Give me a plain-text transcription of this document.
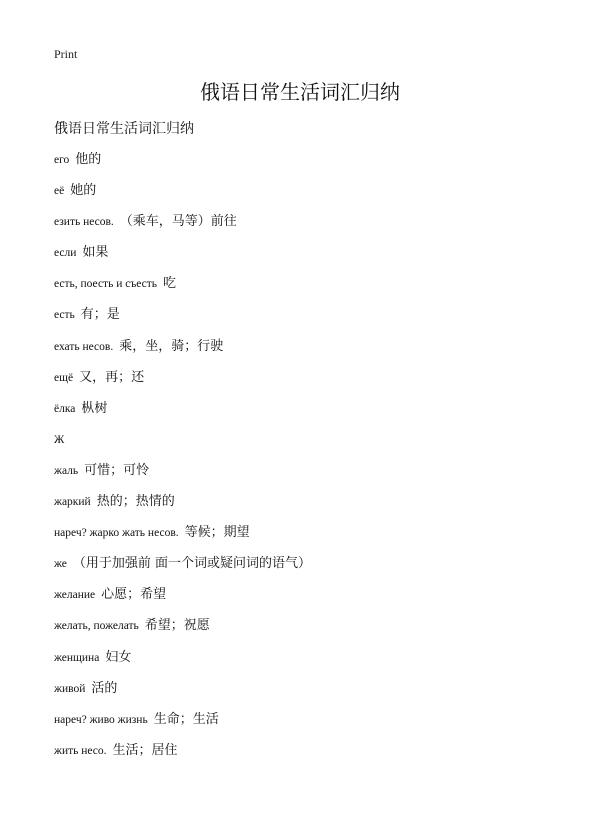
Print
俄语日常生活词汇归纳
俄语日常生活词汇归纳
его 他的
её 她的
езить несов. （乘车，马等）前往
если 如果
есть, поесть и съесть 吃
есть 有；是
ехать несов. 乘，坐，骑；行驶
ещё 又，再；还
ёлка 枞树
Ж
жаль 可惜；可怜
жаркий 热的；热情的
нареч? жарко жать несов. 等候；期望
же （用于加强前 面一个词或疑问词的语气）
желание 心愿；希望
желать, пожелать 希望；祝愿
женщина 妇女
живой 活的
нареч? живо жизнь 生命；生活
жить несо. 生活；居住
